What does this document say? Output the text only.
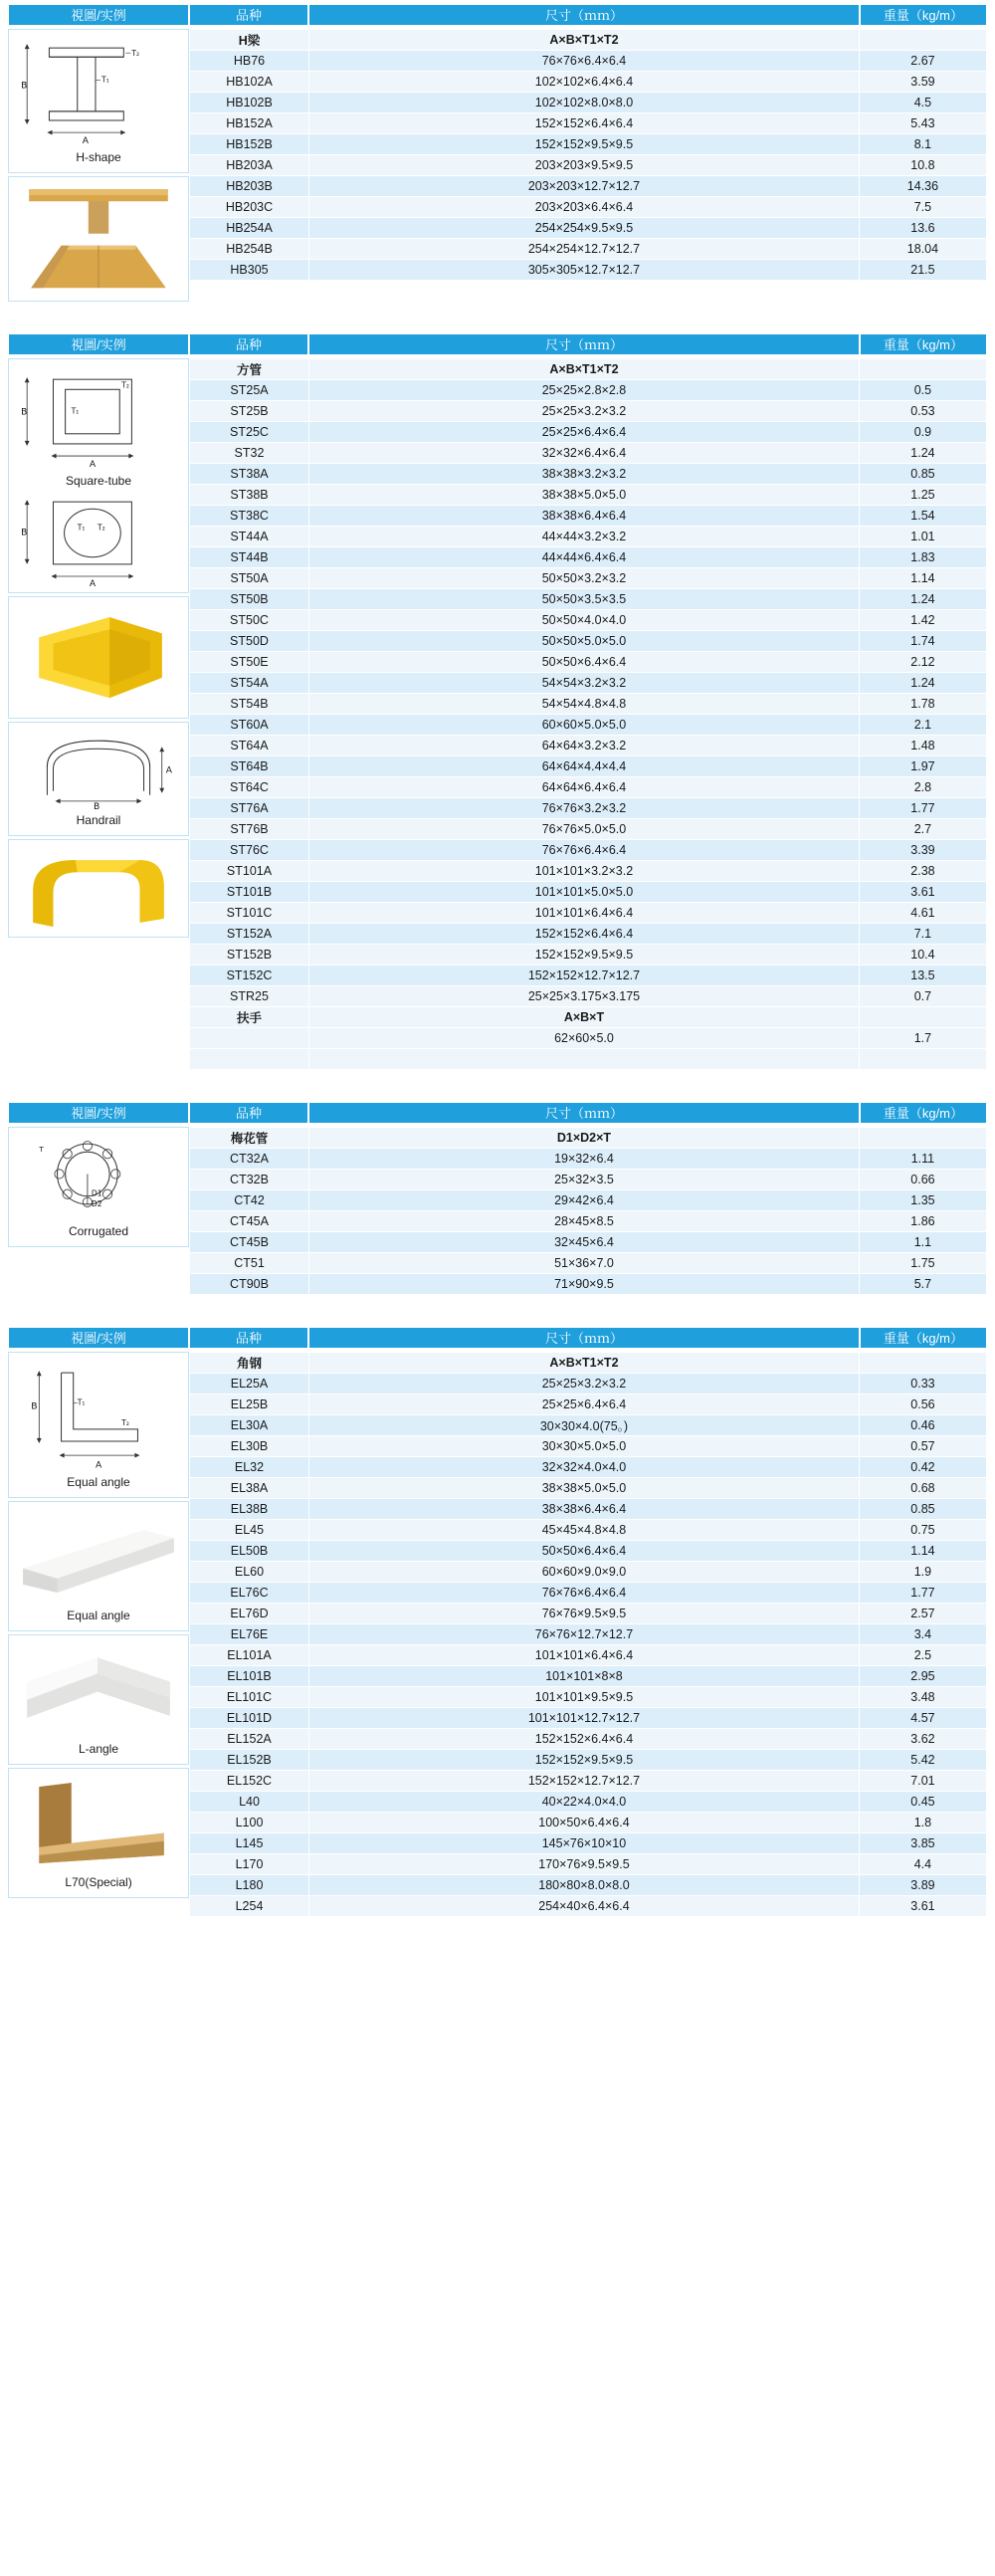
視圖/实例
B
T₂
T₁
A
H-shape
品种	尺寸（ｍｍ）	重量（kg/m）
H梁	A×B×T1×T2	
HB76	76×76×6.4×6.4	2.67
HB102A	102×102×6.4×6.4	3.59
HB102B	102×102×8.0×8.0	4.5
HB152A	152×152×6.4×6.4	5.43
HB152B	152×152×9.5×9.5	8.1
HB203A	203×203×9.5×9.5	10.8
HB203B	203×203×12.7×12.7	14.36
HB203C	203×203×6.4×6.4	7.5
HB254A	254×254×9.5×9.5	13.6
HB254B	254×254×12.7×12.7	18.04
HB305	305×305×12.7×12.7	21.5
視圖/实例
B
T₂
T₁
A
Square-tube
B
T₁ T₂
A
A
B
Handrail
品种	尺寸（ｍｍ）	重量（kg/m）
方管	A×B×T1×T2	
ST25A	25×25×2.8×2.8	0.5
ST25B	25×25×3.2×3.2	0.53
ST25C	25×25×6.4×6.4	0.9
ST32	32×32×6.4×6.4	1.24
ST38A	38×38×3.2×3.2	0.85
ST38B	38×38×5.0×5.0	1.25
ST38C	38×38×6.4×6.4	1.54
ST44A	44×44×3.2×3.2	1.01
ST44B	44×44×6.4×6.4	1.83
ST50A	50×50×3.2×3.2	1.14
ST50B	50×50×3.5×3.5	1.24
ST50C	50×50×4.0×4.0	1.42
ST50D	50×50×5.0×5.0	1.74
ST50E	50×50×6.4×6.4	2.12
ST54A	54×54×3.2×3.2	1.24
ST54B	54×54×4.8×4.8	1.78
ST60A	60×60×5.0×5.0	2.1
ST64A	64×64×3.2×3.2	1.48
ST64B	64×64×4.4×4.4	1.97
ST64C	64×64×6.4×6.4	2.8
ST76A	76×76×3.2×3.2	1.77
ST76B	76×76×5.0×5.0	2.7
ST76C	76×76×6.4×6.4	3.39
ST101A	101×101×3.2×3.2	2.38
ST101B	101×101×5.0×5.0	3.61
ST101C	101×101×6.4×6.4	4.61
ST152A	152×152×6.4×6.4	7.1
ST152B	152×152×9.5×9.5	10.4
ST152C	152×152×12.7×12.7	13.5
STR25	25×25×3.175×3.175	0.7
扶手	A×B×T	
	62×60×5.0	1.7

視圖/实例
D1
D2
T
Corrugated
品种	尺寸（ｍｍ）	重量（kg/m）
梅花管	D1×D2×T	
CT32A	19×32×6.4	1.11
CT32B	25×32×3.5	0.66
CT42	29×42×6.4	1.35
CT45A	28×45×8.5	1.86
CT45B	32×45×6.4	1.1
CT51	51×36×7.0	1.75
CT90B	71×90×9.5	5.7
視圖/实例
B	T₁
T₂
A
Equal angle
Equal angle
L-angle
L70(Special)
品种	尺寸（ｍｍ）	重量（kg/m）
角钢	A×B×T1×T2	
EL25A	25×25×3.2×3.2	0.33
EL25B	25×25×6.4×6.4	0.56
EL30A	30×30×4.0(75。)	0.46
EL30B	30×30×5.0×5.0	0.57
EL32	32×32×4.0×4.0	0.42
EL38A	38×38×5.0×5.0	0.68
EL38B	38×38×6.4×6.4	0.85
EL45	45×45×4.8×4.8	0.75
EL50B	50×50×6.4×6.4	1.14
EL60	60×60×9.0×9.0	1.9
EL76C	76×76×6.4×6.4	1.77
EL76D	76×76×9.5×9.5	2.57
EL76E	76×76×12.7×12.7	3.4
EL101A	101×101×6.4×6.4	2.5
EL101B	101×101×8×8	2.95
EL101C	101×101×9.5×9.5	3.48
EL101D	101×101×12.7×12.7	4.57
EL152A	152×152×6.4×6.4	3.62
EL152B	152×152×9.5×9.5	5.42
EL152C	152×152×12.7×12.7	7.01
L40	40×22×4.0×4.0	0.45
L100	100×50×6.4×6.4	1.8
L145	145×76×10×10	3.85
L170	170×76×9.5×9.5	4.4
L180	180×80×8.0×8.0	3.89
L254	254×40×6.4×6.4	3.61
